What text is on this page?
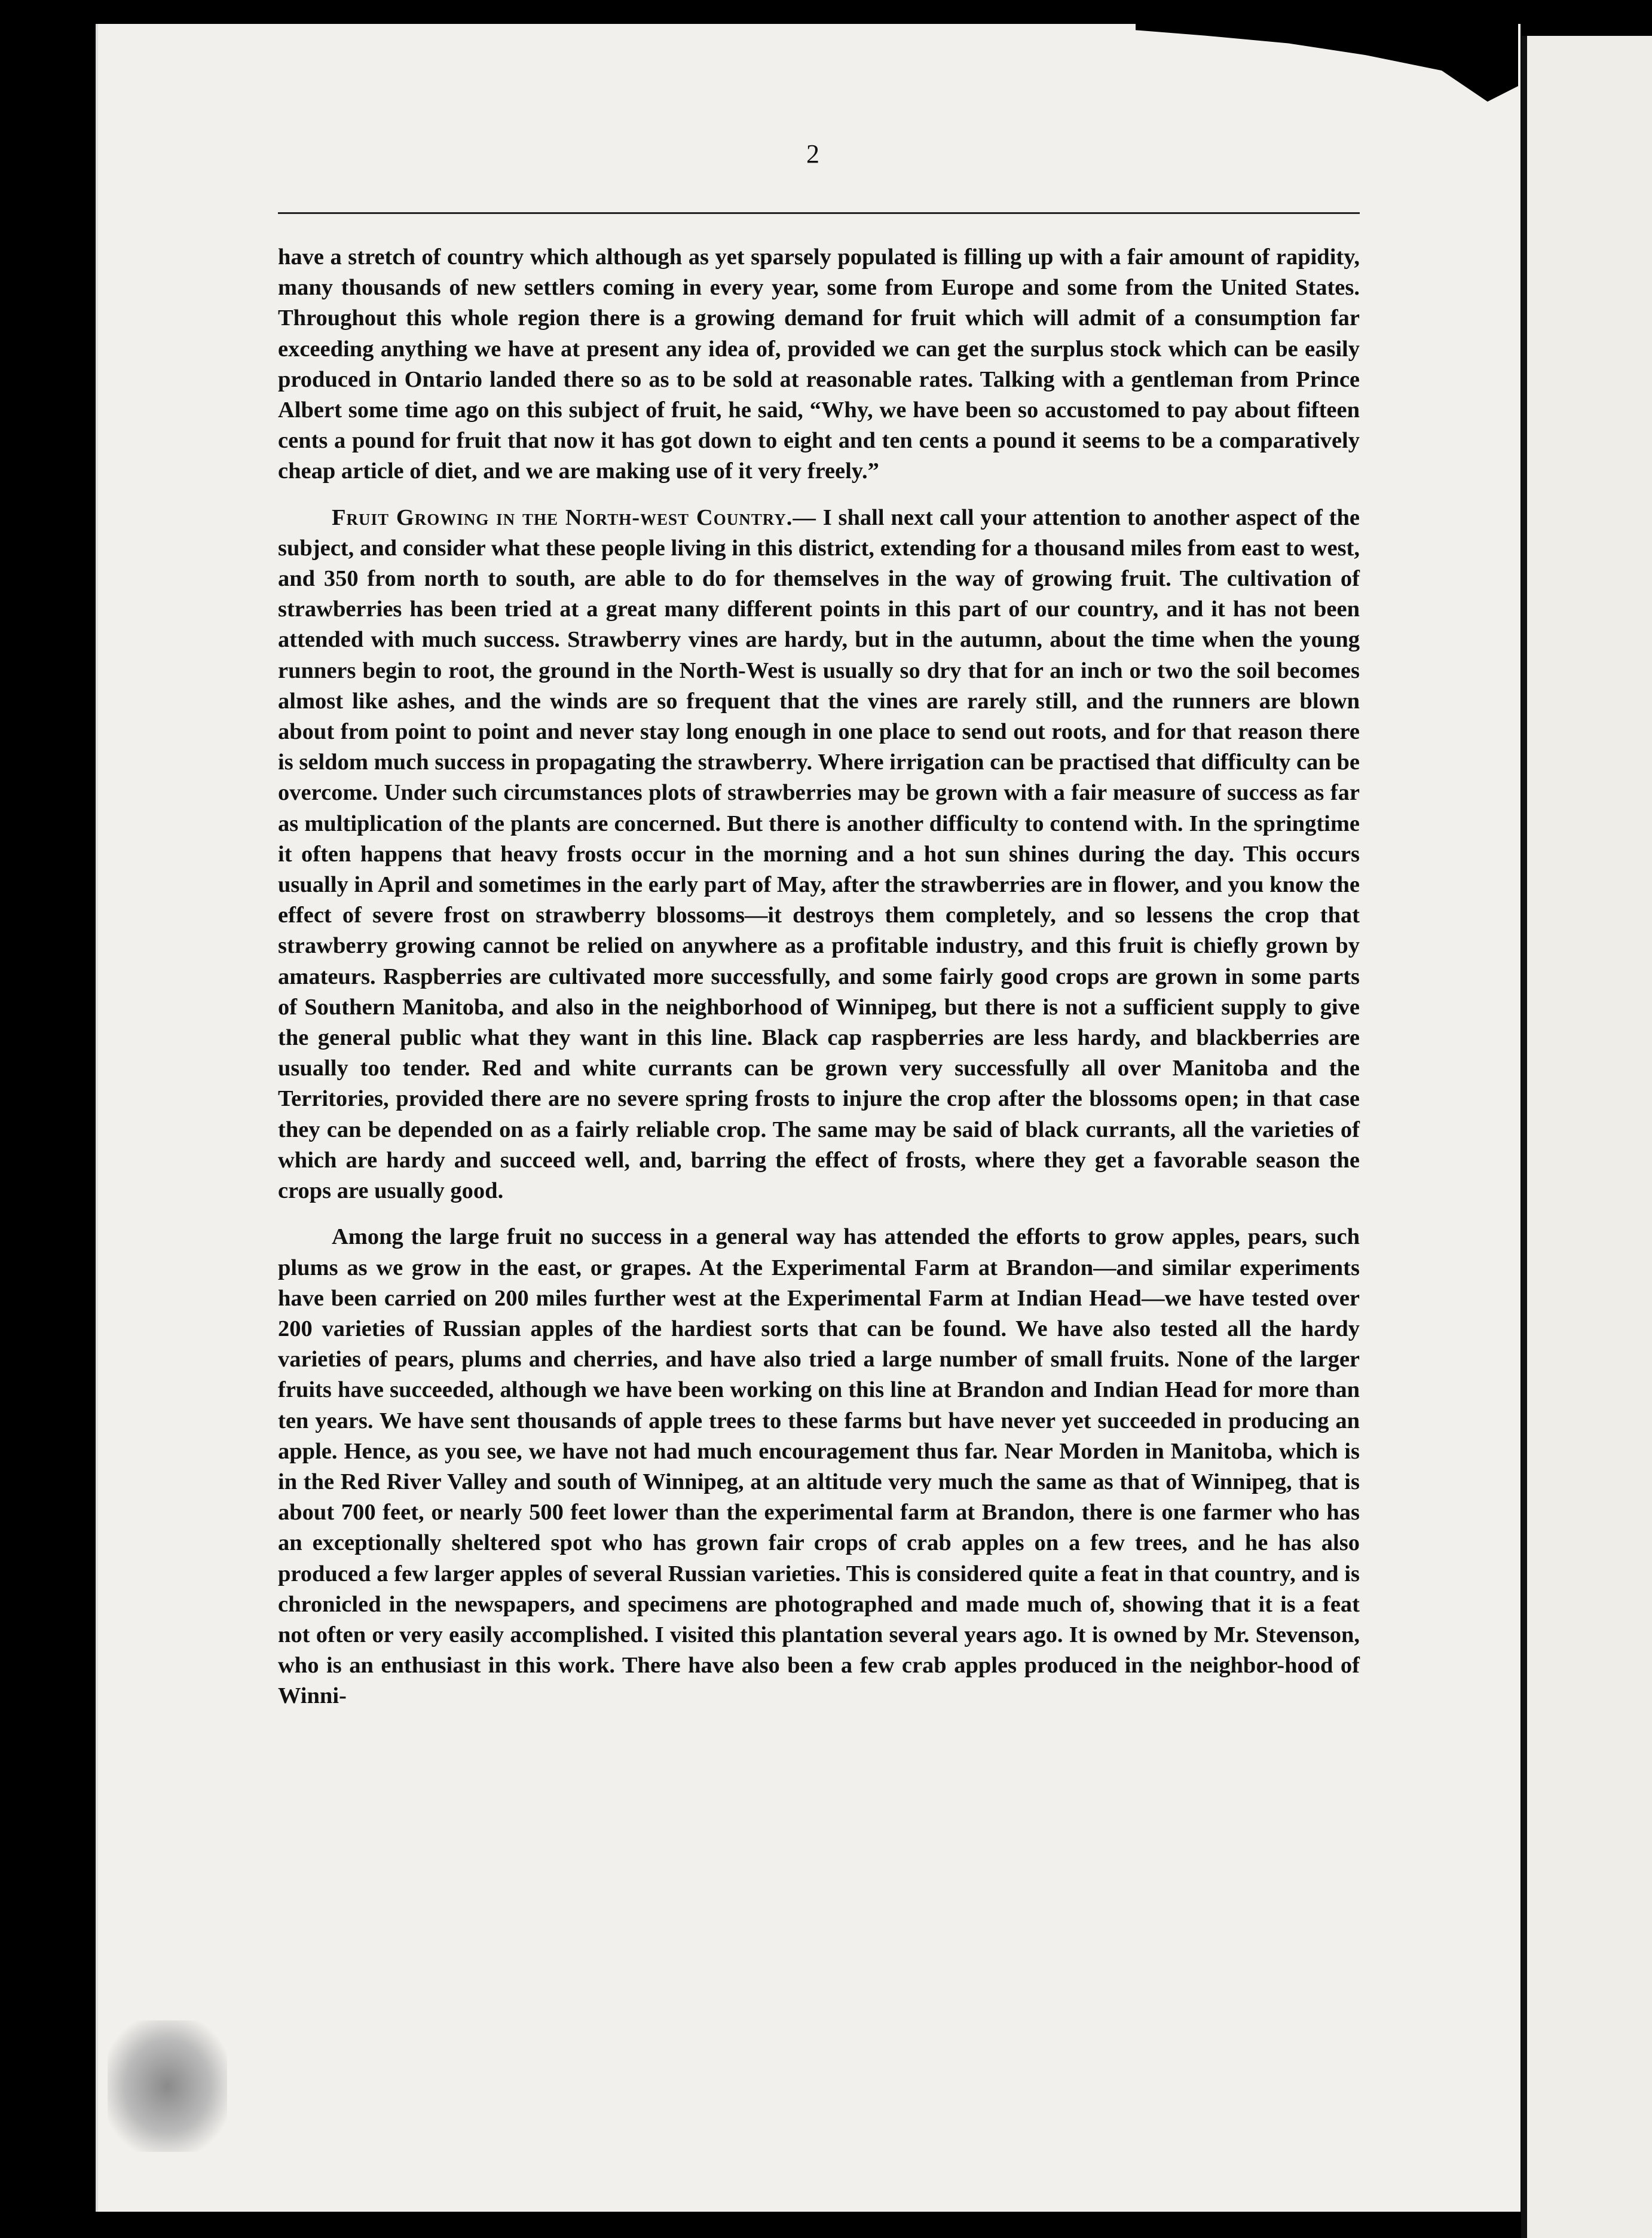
2

have a stretch of country which although as yet sparsely populated is filling up with a fair amount of rapidity, many thousands of new settlers coming in every year, some from Europe and some from the United States. Throughout this whole region there is a growing demand for fruit which will admit of a consumption far exceeding anything we have at present any idea of, provided we can get the surplus stock which can be easily produced in Ontario landed there so as to be sold at reasonable rates. Talking with a gentleman from Prince Albert some time ago on this subject of fruit, he said, “Why, we have been so accustomed to pay about fifteen cents a pound for fruit that now it has got down to eight and ten cents a pound it seems to be a comparatively cheap article of diet, and we are making use of it very freely.”

Fruit Growing in the North-west Country.— I shall next call your attention to another aspect of the subject, and consider what these people living in this district, extending for a thousand miles from east to west, and 350 from north to south, are able to do for themselves in the way of growing fruit. The cultivation of strawberries has been tried at a great many different points in this part of our country, and it has not been attended with much success. Strawberry vines are hardy, but in the autumn, about the time when the young runners begin to root, the ground in the North-West is usually so dry that for an inch or two the soil becomes almost like ashes, and the winds are so frequent that the vines are rarely still, and the runners are blown about from point to point and never stay long enough in one place to send out roots, and for that reason there is seldom much success in propagating the strawberry. Where irrigation can be practised that difficulty can be overcome. Under such circumstances plots of strawberries may be grown with a fair measure of success as far as multiplication of the plants are concerned. But there is another difficulty to contend with. In the springtime it often happens that heavy frosts occur in the morning and a hot sun shines during the day. This occurs usually in April and sometimes in the early part of May, after the strawberries are in flower, and you know the effect of severe frost on strawberry blossoms—it destroys them completely, and so lessens the crop that strawberry growing cannot be relied on anywhere as a profitable industry, and this fruit is chiefly grown by amateurs. Raspberries are cultivated more successfully, and some fairly good crops are grown in some parts of Southern Manitoba, and also in the neighborhood of Winnipeg, but there is not a sufficient supply to give the general public what they want in this line. Black cap raspberries are less hardy, and blackberries are usually too tender. Red and white currants can be grown very successfully all over Manitoba and the Territories, provided there are no severe spring frosts to injure the crop after the blossoms open; in that case they can be depended on as a fairly reliable crop. The same may be said of black currants, all the varieties of which are hardy and succeed well, and, barring the effect of frosts, where they get a favorable season the crops are usually good.

Among the large fruit no success in a general way has attended the efforts to grow apples, pears, such plums as we grow in the east, or grapes. At the Experimental Farm at Brandon—and similar experiments have been carried on 200 miles further west at the Experimental Farm at Indian Head—we have tested over 200 varieties of Russian apples of the hardiest sorts that can be found. We have also tested all the hardy varieties of pears, plums and cherries, and have also tried a large number of small fruits. None of the larger fruits have succeeded, although we have been working on this line at Brandon and Indian Head for more than ten years. We have sent thousands of apple trees to these farms but have never yet succeeded in producing an apple. Hence, as you see, we have not had much encouragement thus far. Near Morden in Manitoba, which is in the Red River Valley and south of Winnipeg, at an altitude very much the same as that of Winnipeg, that is about 700 feet, or nearly 500 feet lower than the experimental farm at Brandon, there is one farmer who has an exceptionally sheltered spot who has grown fair crops of crab apples on a few trees, and he has also produced a few larger apples of several Russian varieties. This is considered quite a feat in that country, and is chronicled in the newspapers, and specimens are photographed and made much of, showing that it is a feat not often or very easily accomplished. I visited this plantation several years ago. It is owned by Mr. Stevenson, who is an enthusiast in this work. There have also been a few crab apples produced in the neighbor-hood of Winni-
